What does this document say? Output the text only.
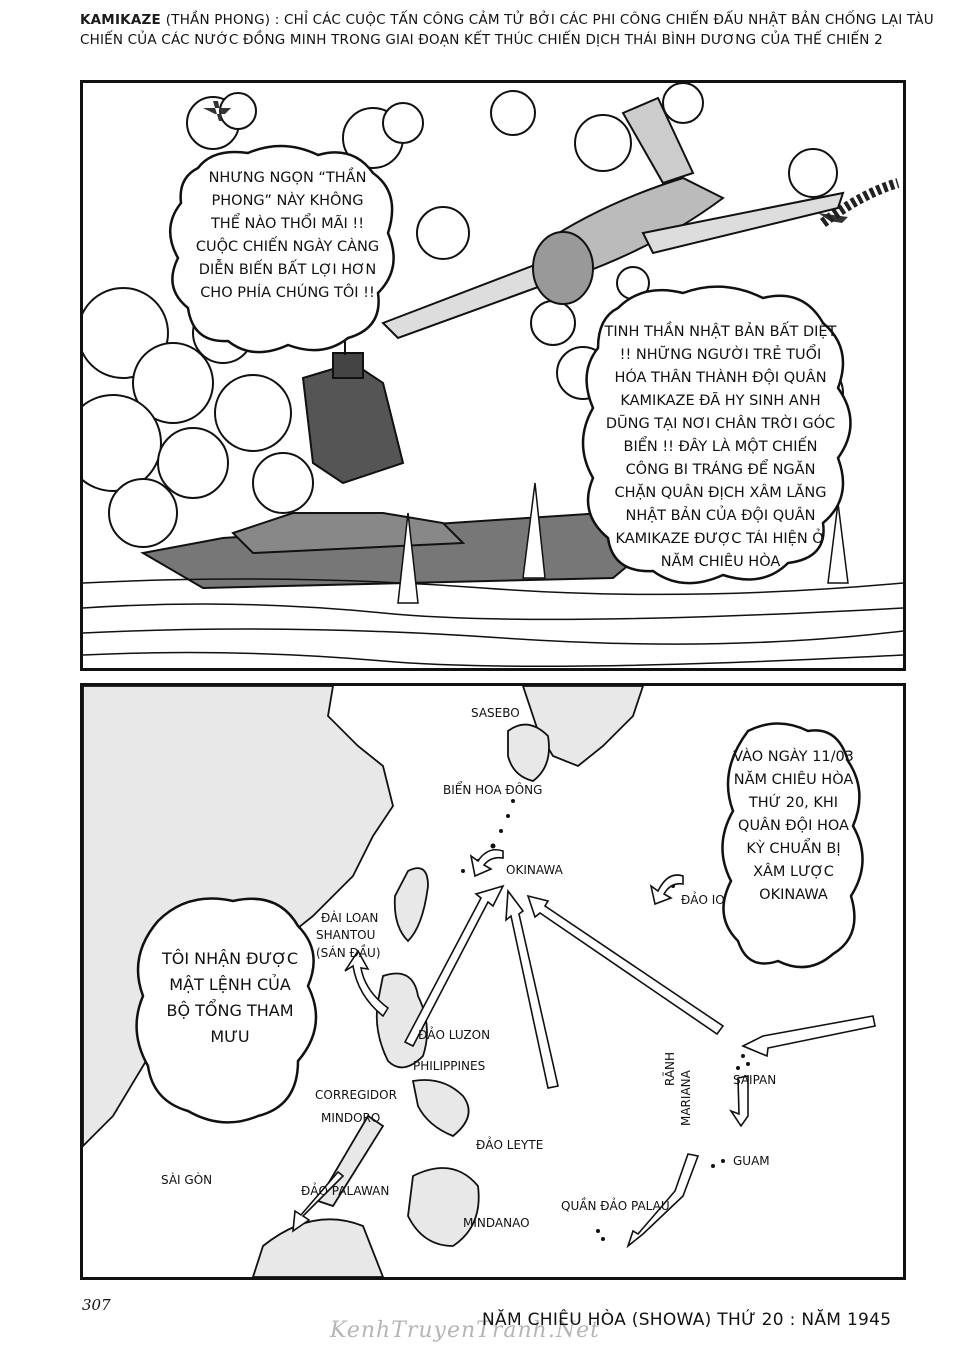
KAMIKAZE (THẦN PHONG) : CHỈ CÁC CUỘC TẤN CÔNG CẢM TỬ BỞI CÁC PHI CÔNG CHIẾN ĐẤU NHẬT BẢN CHỐNG LẠI TÀU CHIẾN CỦA CÁC NƯỚC ĐỒNG MINH TRONG GIAI ĐOẠN KẾT THÚC CHIẾN DỊCH THÁI BÌNH DƯƠNG CỦA THẾ CHIẾN 2
NHƯNG NGỌN “THẦN PHONG” NÀY KHÔNG THỂ NÀO THỔI MÃI !! CUỘC CHIẾN NGÀY CÀNG DIỄN BIẾN BẤT LỢI HƠN CHO PHÍA CHÚNG TÔI !!
TINH THẦN NHẬT BẢN BẤT DIỆT !! NHỮNG NGƯỜI TRẺ TUỔI HÓA THÂN THÀNH ĐỘI QUÂN KAMIKAZE ĐÃ HY SINH ANH DŨNG TẠI NƠI CHÂN TRỜI GÓC BIỂN !! ĐÂY LÀ MỘT CHIẾN CÔNG BI TRÁNG ĐỂ NGĂN CHẶN QUÂN ĐỊCH XÂM LĂNG NHẬT BẢN CỦA ĐỘI QUÂN KAMIKAZE ĐƯỢC TÁI HIỆN Ở NĂM CHIÊU HÒA
TÔI NHẬN ĐƯỢC MẬT LỆNH CỦA BỘ TỔNG THAM MƯU
VÀO NGÀY 11/03 NĂM CHIÊU HÒA THỨ 20, KHI QUÂN ĐỘI HOA KỲ CHUẨN BỊ XÂM LƯỢC OKINAWA
SASEBO
BIỂN HOA ĐÔNG
OKINAWA
ĐẢO IO
ĐÀI LOAN
SHANTOU
(SÁN ĐẦU)
ĐẢO LUZON
PHILIPPINES
CORREGIDOR
MINDORO
ĐẢO LEYTE
SÀI GÒN
ĐẢO PALAWAN
MINDANAO
QUẦN ĐẢO PALAU
SAIPAN
RÃNH
MARIANA
GUAM
307
KenhTruyenTranh.Net
NĂM CHIÊU HÒA (SHOWA) THỨ 20 : NĂM 1945
